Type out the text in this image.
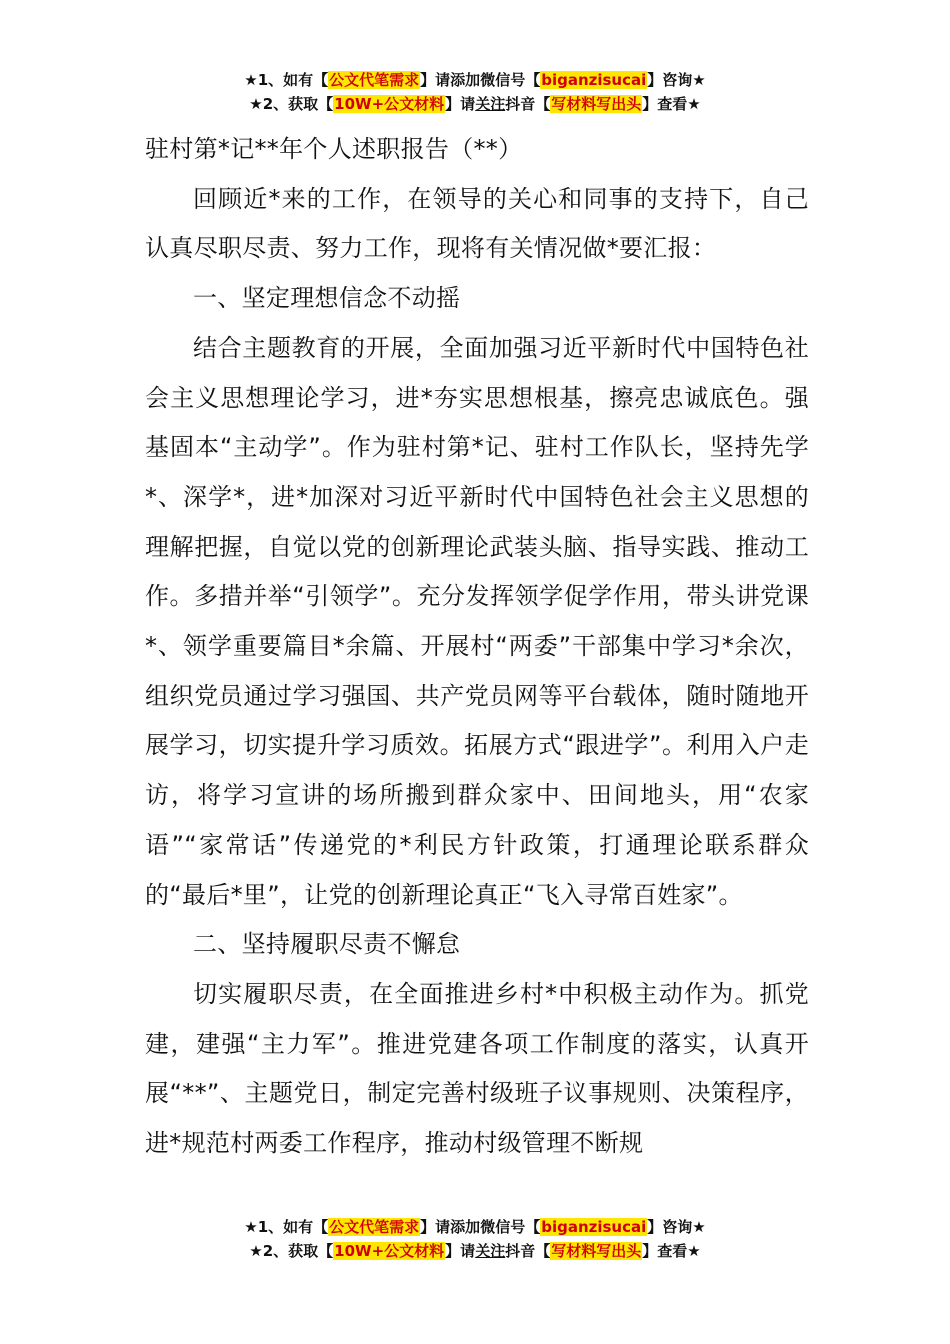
★1、如有【公文代笔需求】请添加微信号【biganzisucai】咨询★
★2、获取【10W+公文材料】请关注抖音【写材料写出头】查看★

驻村第*记**年个人述职报告（**）

回顾近*来的工作，在领导的关心和同事的支持下，自己认真尽职尽责、努力工作，现将有关情况做*要汇报：

一、坚定理想信念不动摇

结合主题教育的开展，全面加强习近平新时代中国特色社会主义思想理论学习，进*夯实思想根基，擦亮忠诚底色。强基固本“主动学”。作为驻村第*记、驻村工作队长，坚持先学*、深学*，进*加深对习近平新时代中国特色社会主义思想的理解把握，自觉以党的创新理论武装头脑、指导实践、推动工作。多措并举“引领学”。充分发挥领学促学作用，带头讲党课*、领学重要篇目*余篇、开展村“两委”干部集中学习*余次，组织党员通过学习强国、共产党员网等平台载体，随时随地开展学习，切实提升学习质效。拓展方式“跟进学”。利用入户走访，将学习宣讲的场所搬到群众家中、田间地头，用“农家语”“家常话”传递党的*利民方针政策，打通理论联系群众的“最后*里”，让党的创新理论真正“飞入寻常百姓家”。

二、坚持履职尽责不懈怠

切实履职尽责，在全面推进乡村*中积极主动作为。抓党建，建强“主力军”。推进党建各项工作制度的落实，认真开展“**”、主题党日，制定完善村级班子议事规则、决策程序，进*规范村两委工作程序，推动村级管理不断规

★1、如有【公文代笔需求】请添加微信号【biganzisucai】咨询★
★2、获取【10W+公文材料】请关注抖音【写材料写出头】查看★
